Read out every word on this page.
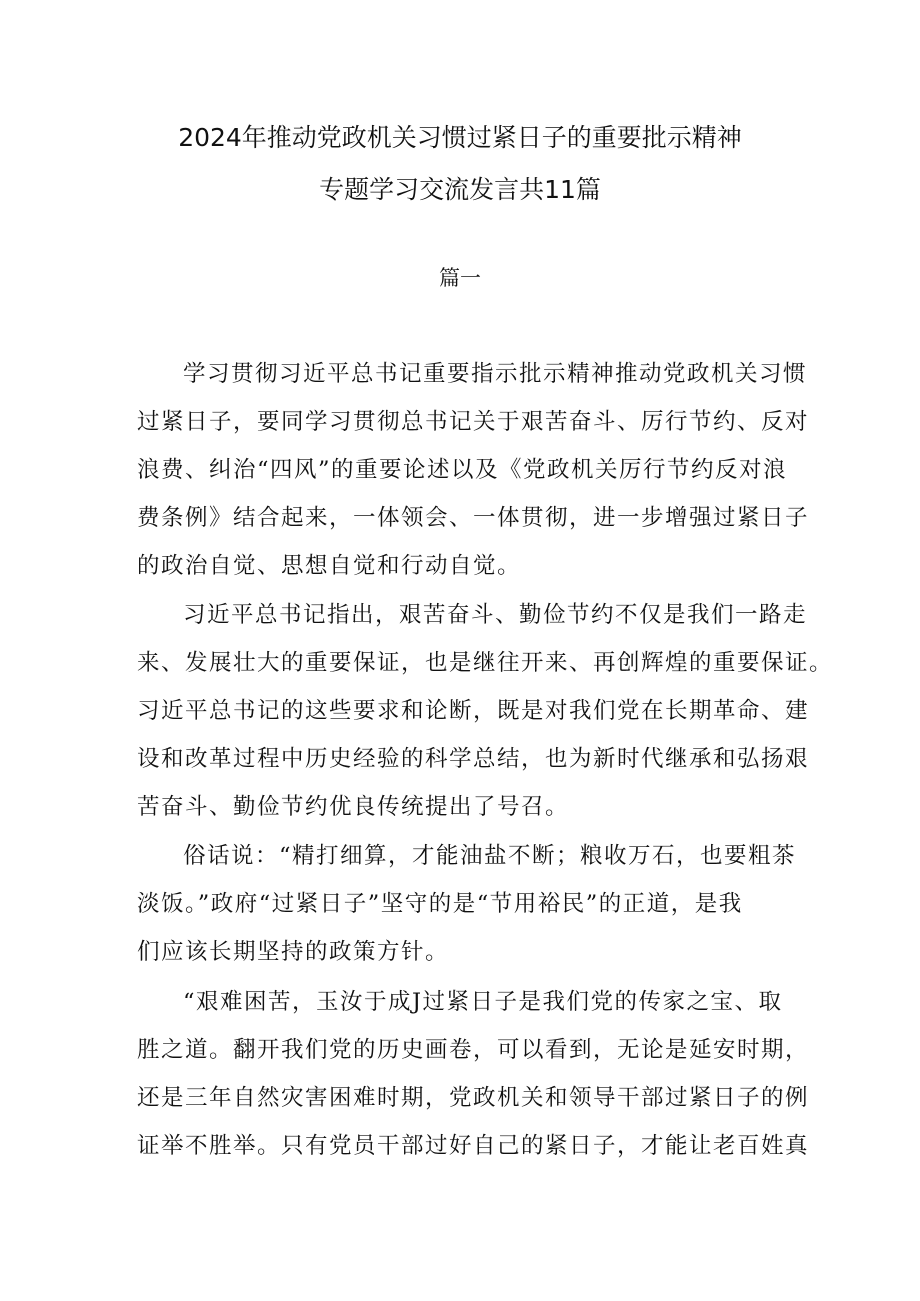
2024年推动党政机关习惯过紧日子的重要批示精神
专题学习交流发言共11篇
篇一
学习贯彻习近平总书记重要指示批示精神推动党政机关习惯
过紧日子，要同学习贯彻总书记关于艰苦奋斗、厉行节约、反对
浪费、纠治“四风”的重要论述以及《党政机关厉行节约反对浪
费条例》结合起来，一体领会、一体贯彻，进一步增强过紧日子
的政治自觉、思想自觉和行动自觉。
习近平总书记指出，艰苦奋斗、勤俭节约不仅是我们一路走
来、发展壮大的重要保证，也是继往开来、再创辉煌的重要保证。
习近平总书记的这些要求和论断，既是对我们党在长期革命、建
设和改革过程中历史经验的科学总结，也为新时代继承和弘扬艰
苦奋斗、勤俭节约优良传统提出了号召。
俗话说：“精打细算，才能油盐不断；粮收万石，也要粗茶
淡饭。”政府“过紧日子”坚守的是“节用裕民”的正道，是我
们应该长期坚持的政策方针。
“艰难困苦，玉汝于成J过紧日子是我们党的传家之宝、取
胜之道。翻开我们党的历史画卷，可以看到，无论是延安时期，
还是三年自然灾害困难时期，党政机关和领导干部过紧日子的例
证举不胜举。只有党员干部过好自己的紧日子，才能让老百姓真
